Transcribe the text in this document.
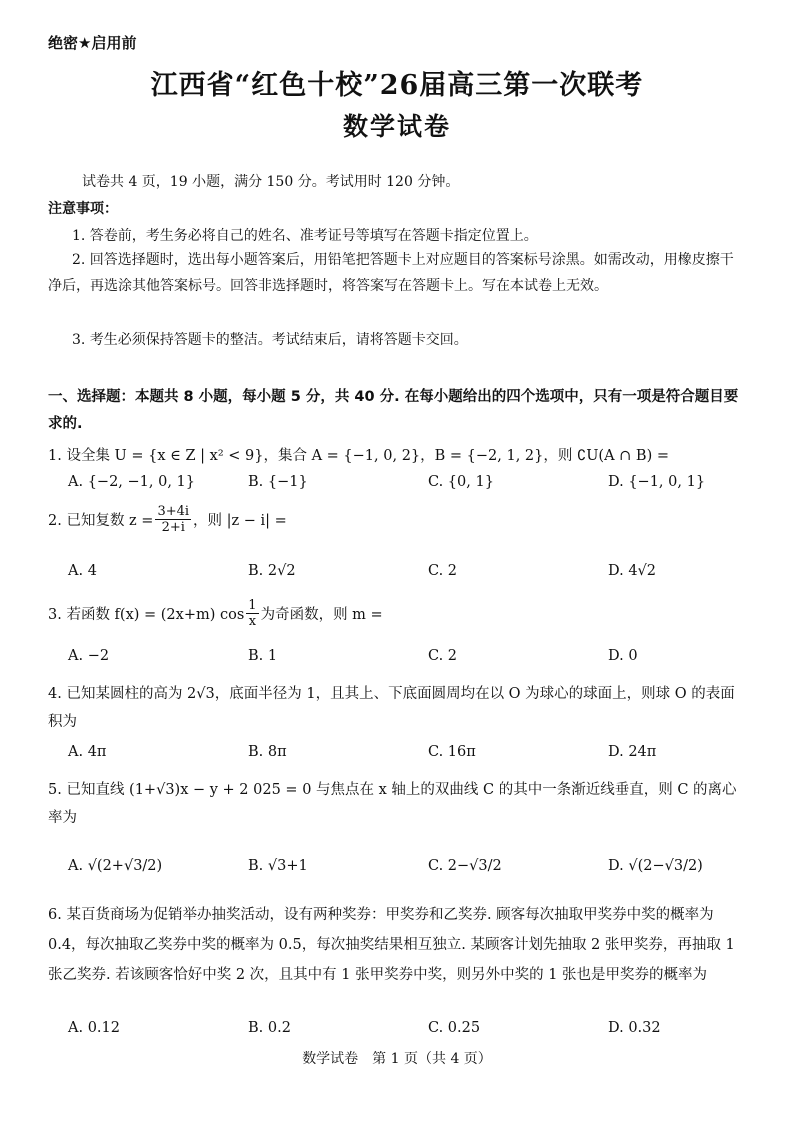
绝密★启用前
江西省“红色十校”26届高三第一次联考
数学试卷
试卷共 4 页，19 小题，满分 150 分。考试用时 120 分钟。
注意事项：
1. 答卷前，考生务必将自己的姓名、准考证号等填写在答题卡指定位置上。
2. 回答选择题时，选出每小题答案后，用铅笔把答题卡上对应题目的答案标号涂黑。如需改动，用橡皮擦干净后，再选涂其他答案标号。回答非选择题时，将答案写在答题卡上。写在本试卷上无效。
3. 考生必须保持答题卡的整洁。考试结束后，请将答题卡交回。
一、选择题：本题共 8 小题，每小题 5 分，共 40 分. 在每小题给出的四个选项中，只有一项是符合题目要求的.
1. 设全集 U = {x ∈ Z | x² < 9}，集合 A = {−1, 0, 2}，B = {−2, 1, 2}，则 ∁U(A ∩ B) =
A. {−2, −1, 0, 1}	B. {−1}	C. {0, 1}	D. {−1, 0, 1}
2. 已知复数 $z = \frac{3+4i}{2+i}$ ，则 |z − i| =
A. 4	B. 2√2	C. 2	D. 4√2
3. 若函数 f(x) = (2x+m) $\cos \frac{1}{x}$ 为奇函数，则 m =
A. −2	B. 1	C. 2	D. 0
4. 已知某圆柱的高为 2√3，底面半径为 1，且其上、下底面圆周均在以 O 为球心的球面上，则球 O 的表面积为
A. 4π	B. 8π	C. 16π	D. 24π
5. 已知直线 (1+√3)x − y + 2 025 = 0 与焦点在 x 轴上的双曲线 C 的其中一条渐近线垂直，则 C 的离心率为
A. √(2+√3/2)	B. √3+1	C. 2−√3/2	D. √(2−√3/2)
6. 某百货商场为促销举办抽奖活动，设有两种奖券：甲奖券和乙奖券. 顾客每次抽取甲奖券中奖的概率为 0.4，每次抽取乙奖券中奖的概率为 0.5，每次抽奖结果相互独立. 某顾客计划先抽取 2 张甲奖券，再抽取 1 张乙奖券. 若该顾客恰好中奖 2 次，且其中有 1 张甲奖券中奖，则另外中奖的 1 张也是甲奖券的概率为
A. 0.12	B. 0.2	C. 0.25	D. 0.32
数学试卷　第 1 页（共 4 页）
